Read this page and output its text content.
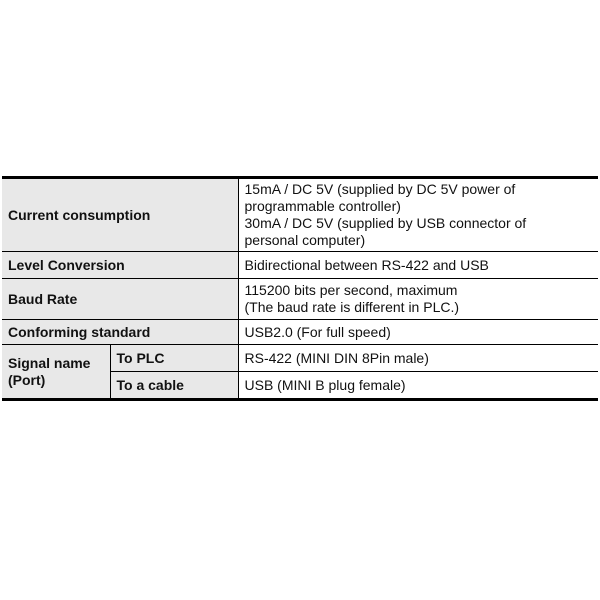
Current consumption		15mA / DC 5V (supplied by DC 5V power of
programmable controller)
30mA / DC 5V (supplied by USB connector of
personal computer)

Level Conversion		Bidirectional between RS-422 and USB
Baud Rate		115200 bits per second, maximum
(The baud rate is different in PLC.)

Conforming standard		USB2.0 (For full speed)

Signal name
(Port)	To PLC	RS-422 (MINI DIN 8Pin male)
	To a cable	USB (MINI B plug female)
